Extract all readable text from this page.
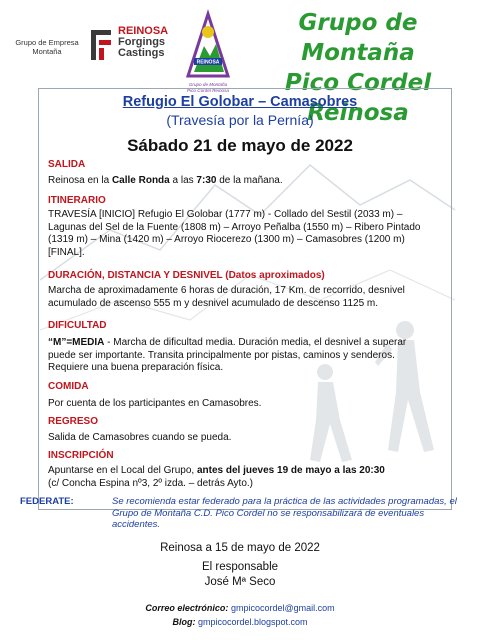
Grupo de Empresa Montaña
REINOSA
Forgings
Castings
REINOSA
Grupo de Montaña
Pico Cordel Reinosa
Grupo de Montaña
Pico Cordel Reinosa
Refugio El Golobar – Camasobres
(Travesía por la Pernía)
Sábado 21 de mayo de 2022
SALIDA
Reinosa en la Calle Ronda a las 7:30 de la mañana.
ITINERARIO
TRAVESÍA [INICIO] Refugio El Golobar (1777 m) - Collado del Sestil (2033 m) –
Lagunas del Sel de la Fuente (1808 m) – Arroyo Peñalba (1550 m) – Ribero Pintado
(1319 m) – Mina (1420 m) – Arroyo Riocerezo (1300 m) – Camasobres (1200 m)
[FINAL].
DURACIÓN, DISTANCIA Y DESNIVEL (Datos aproximados)
Marcha de aproximadamente 6 horas de duración, 17 Km. de recorrido, desnivel
acumulado de ascenso 555 m y desnivel acumulado de descenso 1125 m.
DIFICULTAD
“M”=MEDIA - Marcha de dificultad media. Duración media, el desnivel a superar
puede ser importante. Transita principalmente por pistas, caminos y senderos.
Requiere una buena preparación física.
COMIDA
Por cuenta de los participantes en Camasobres.
REGRESO
Salida de Camasobres cuando se pueda.
INSCRIPCIÓN
Apuntarse en el Local del Grupo, antes del jueves 19 de mayo a las 20:30
(c/ Concha Espina nº3, 2º izda. – detrás Ayto.)
FEDERATE:	Se recomienda estar federado para la práctica de las actividades programadas, el Grupo de Montaña C.D. Pico Cordel no se responsabilizará de eventuales accidentes.
Reinosa a 15 de mayo de 2022
El responsable
José Mª Seco
Correo electrónico: gmpicocordel@gmail.com
Blog: gmpicocordel.blogspot.com
